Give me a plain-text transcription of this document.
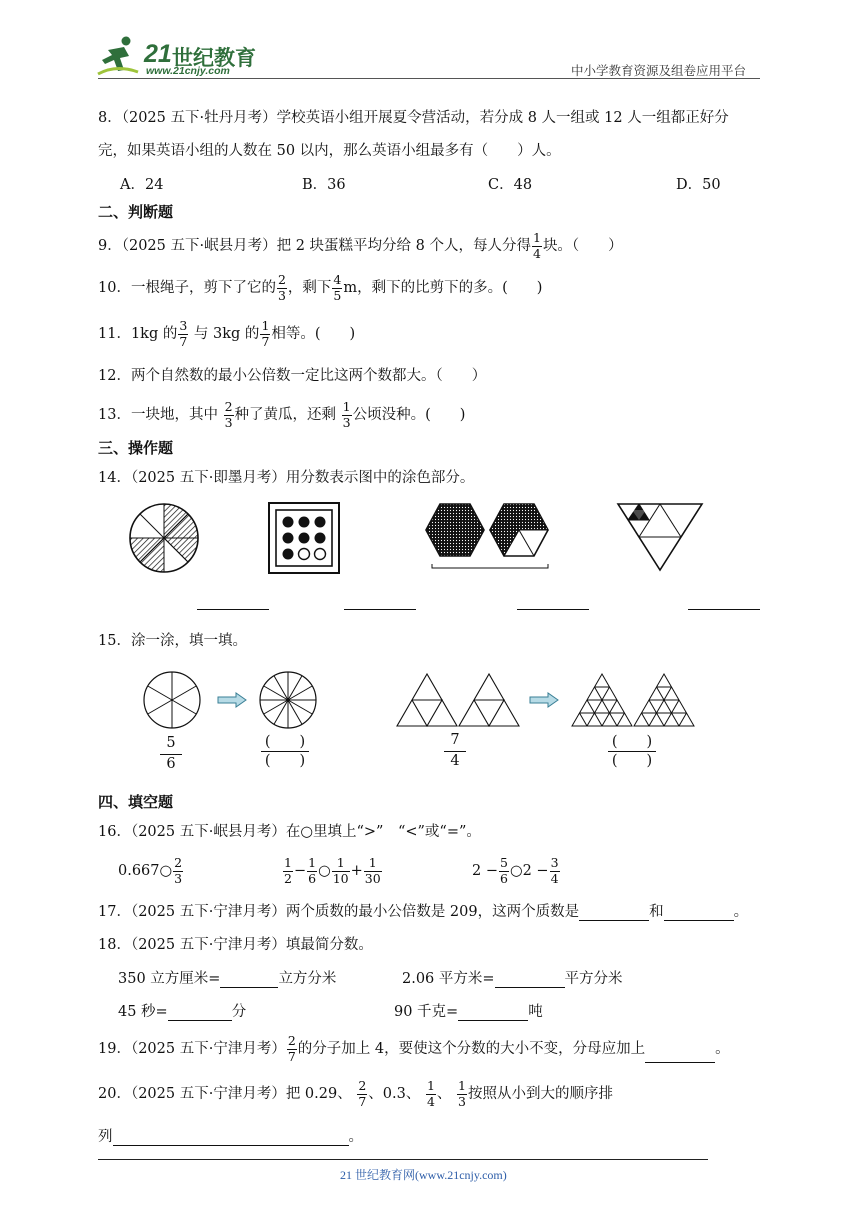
21 世纪教育
www.21cnjy.com	中小学教育资源及组卷应用平台
8．（2025 五下·牡丹月考）学校英语小组开展夏令营活动，若分成 8 人一组或 12 人一组都正好分
完，如果英语小组的人数在 50 以内，那么英语小组最多有（　　）人。
A．24	B．36	C．48	D．50
二、判断题
9．（2025 五下·岷县月考）把 2 块蛋糕平均分给 8 个人，每人分得 $\frac{1}{4}$ 块。（　　）
10．一根绳子，剪下了它的 $\frac{2}{3}$ ，剩下 $\frac{4}{5}$ m，剩下的比剪下的多。(　　)
11．1kg 的 $\frac{3}{7}$ 与 3kg 的 $\frac{1}{7}$ 相等。(　　)
12．两个自然数的最小公倍数一定比这两个数都大。（　　）
13．一块地，其中 $\frac{2}{3}$ 种了黄瓜，还剩 $\frac{1}{3}$ 公顷没种。(　　)
三、操作题
14．（2025 五下·即墨月考）用分数表示图中的涂色部分。
15．涂一涂，填一填。
5
6
(　　)
(　　)
7
4
(　　)
(　　)
四、填空题
16．（2025 五下·岷县月考）在○里填上“>”　“<”或“=”。
0.667○ $\frac{2}{3}$	$\frac{1}{2} - \frac{1}{6}$ ○ $\frac{1}{10} + \frac{1}{30}$	$2 - \frac{5}{6}$ ○2 − $\frac{3}{4}$
17．（2025 五下·宁津月考）两个质数的最小公倍数是 209，这两个质数是	和	。
18．（2025 五下·宁津月考）填最简分数。
350 立方厘米=	立方分米	2.06 平方米=	平方分米
45 秒=	分	90 千克=	吨
19．（2025 五下·宁津月考） $\frac{2}{7}$ 的分子加上 4，要使这个分数的大小不变，分母应加上	。
20．（2025 五下·宁津月考）把 0.29、 $\frac{2}{7}$ 、0.3、 $\frac{1}{4}$ 、 $\frac{1}{3}$ 按照从小到大的顺序排
列	。
21 世纪教育网(www.21cnjy.com)
